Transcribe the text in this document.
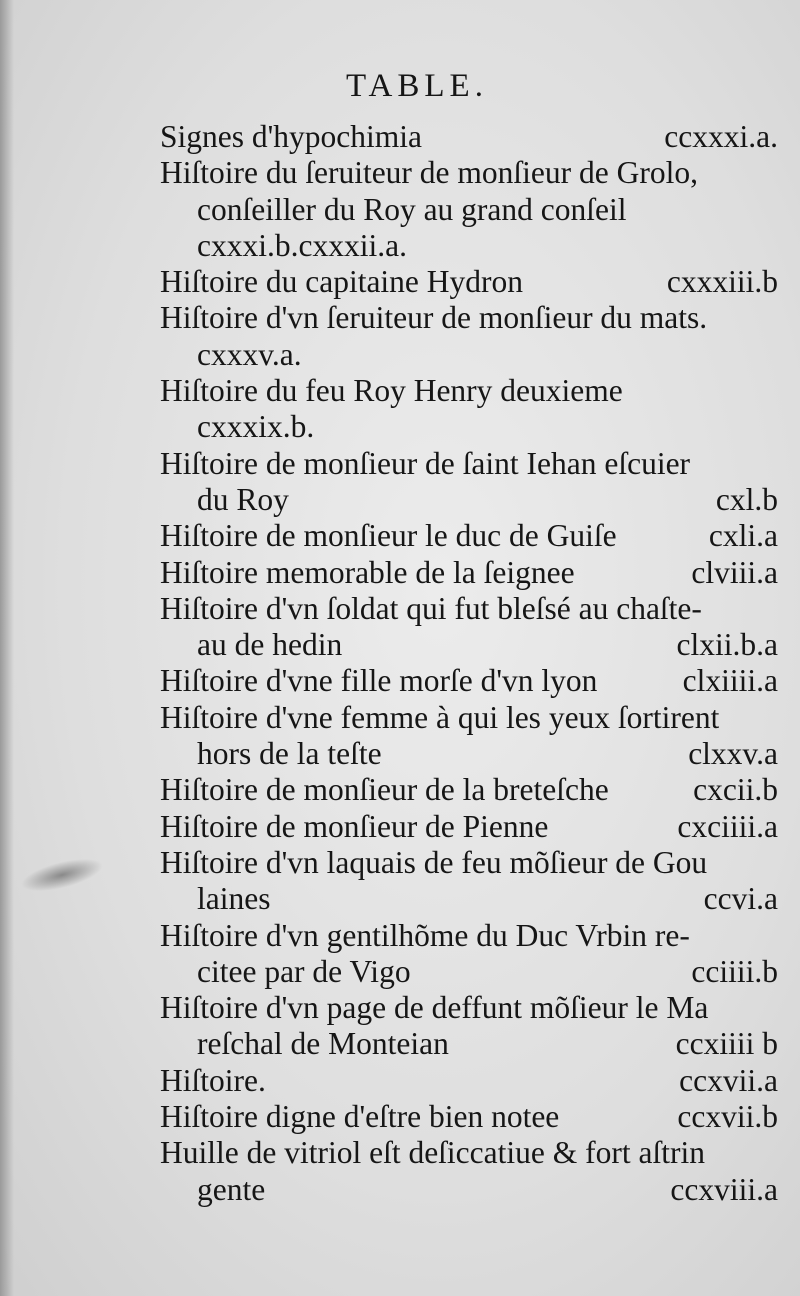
TABLE.
Signes d'hypochimia	ccxxxi.a.
Hiſtoire du ſeruiteur de monſieur de Grolo,
conſeiller du Roy au grand conſeil
cxxxi.b.cxxxii.a.
Hiſtoire du capitaine Hydron	cxxxiii.b
Hiſtoire d'vn ſeruiteur de monſieur du mats.
cxxxv.a.
Hiſtoire du feu Roy Henry deuxieme
cxxxix.b.
Hiſtoire de monſieur de ſaint Iehan eſcuier
du Roy	cxl.b
Hiſtoire de monſieur le duc de Guiſe	cxli.a
Hiſtoire memorable de la ſeignee	clviii.a
Hiſtoire d'vn ſoldat qui fut bleſsé au chaſte-
au de hedin	clxii.b.a
Hiſtoire d'vne fille morſe d'vn lyon	clxiiii.a
Hiſtoire d'vne femme à qui les yeux ſortirent
hors de la teſte	clxxv.a
Hiſtoire de monſieur de la breteſche	cxcii.b
Hiſtoire de monſieur de Pienne	cxciiii.a
Hiſtoire d'vn laquais de feu mõſieur de Gou
laines	ccvi.a
Hiſtoire d'vn gentilhõme du Duc Vrbin re-
citee par de Vigo	cciiii.b
Hiſtoire d'vn page de deffunt mõſieur le Ma
reſchal de Monteian	ccxiiii b
Hiſtoire.	ccxvii.a
Hiſtoire digne d'eſtre bien notee	ccxvii.b
Huille de vitriol eſt deſiccatiue & fort aſtrin
gente	ccxviii.a
